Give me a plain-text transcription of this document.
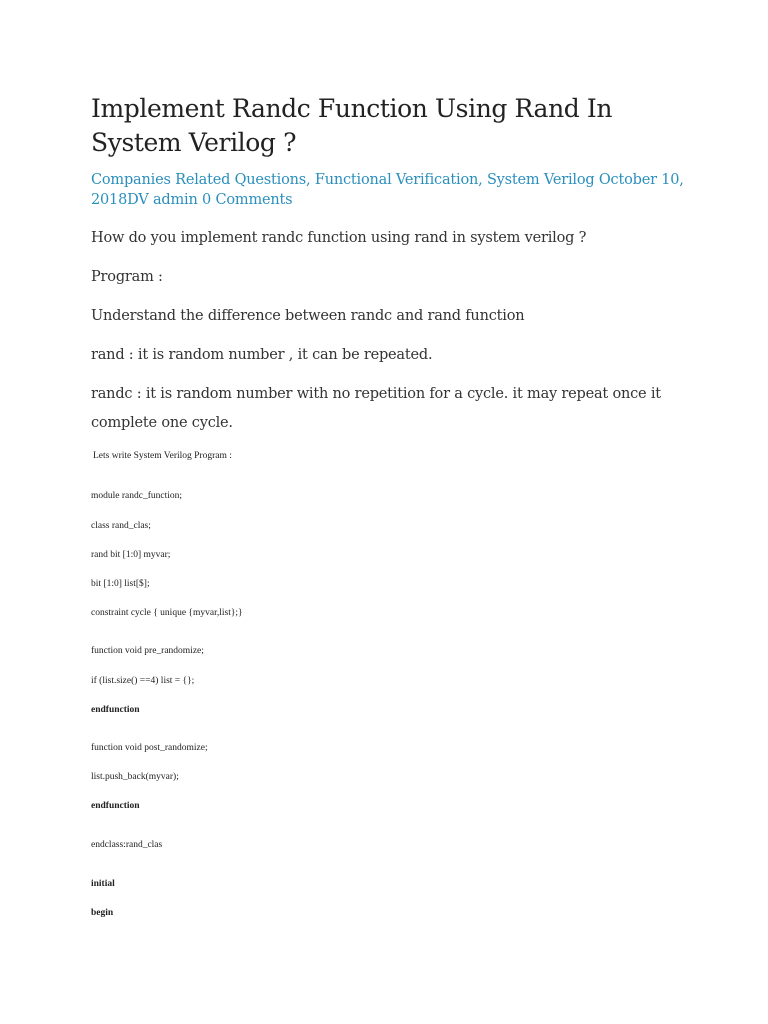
Implement Randc Function Using Rand In System Verilog ?
Companies Related Questions, Functional Verification, System Verilog October 10, 2018DV admin 0 Comments

How do you implement randc function using rand in system verilog ?

Program :

Understand the difference between randc and rand function

rand : it is random number , it can be repeated.

randc : it is random number with no repetition for a cycle. it may repeat once it complete one cycle.

Lets write System Verilog Program :
module randc_function;
class rand_clas;
rand bit [1:0] myvar;
bit [1:0] list[$];
constraint cycle { unique {myvar,list};}
function void pre_randomize;
if (list.size() ==4) list = {};
endfunction
function void post_randomize;
list.push_back(myvar);
endfunction
endclass:rand_clas
initial
begin
